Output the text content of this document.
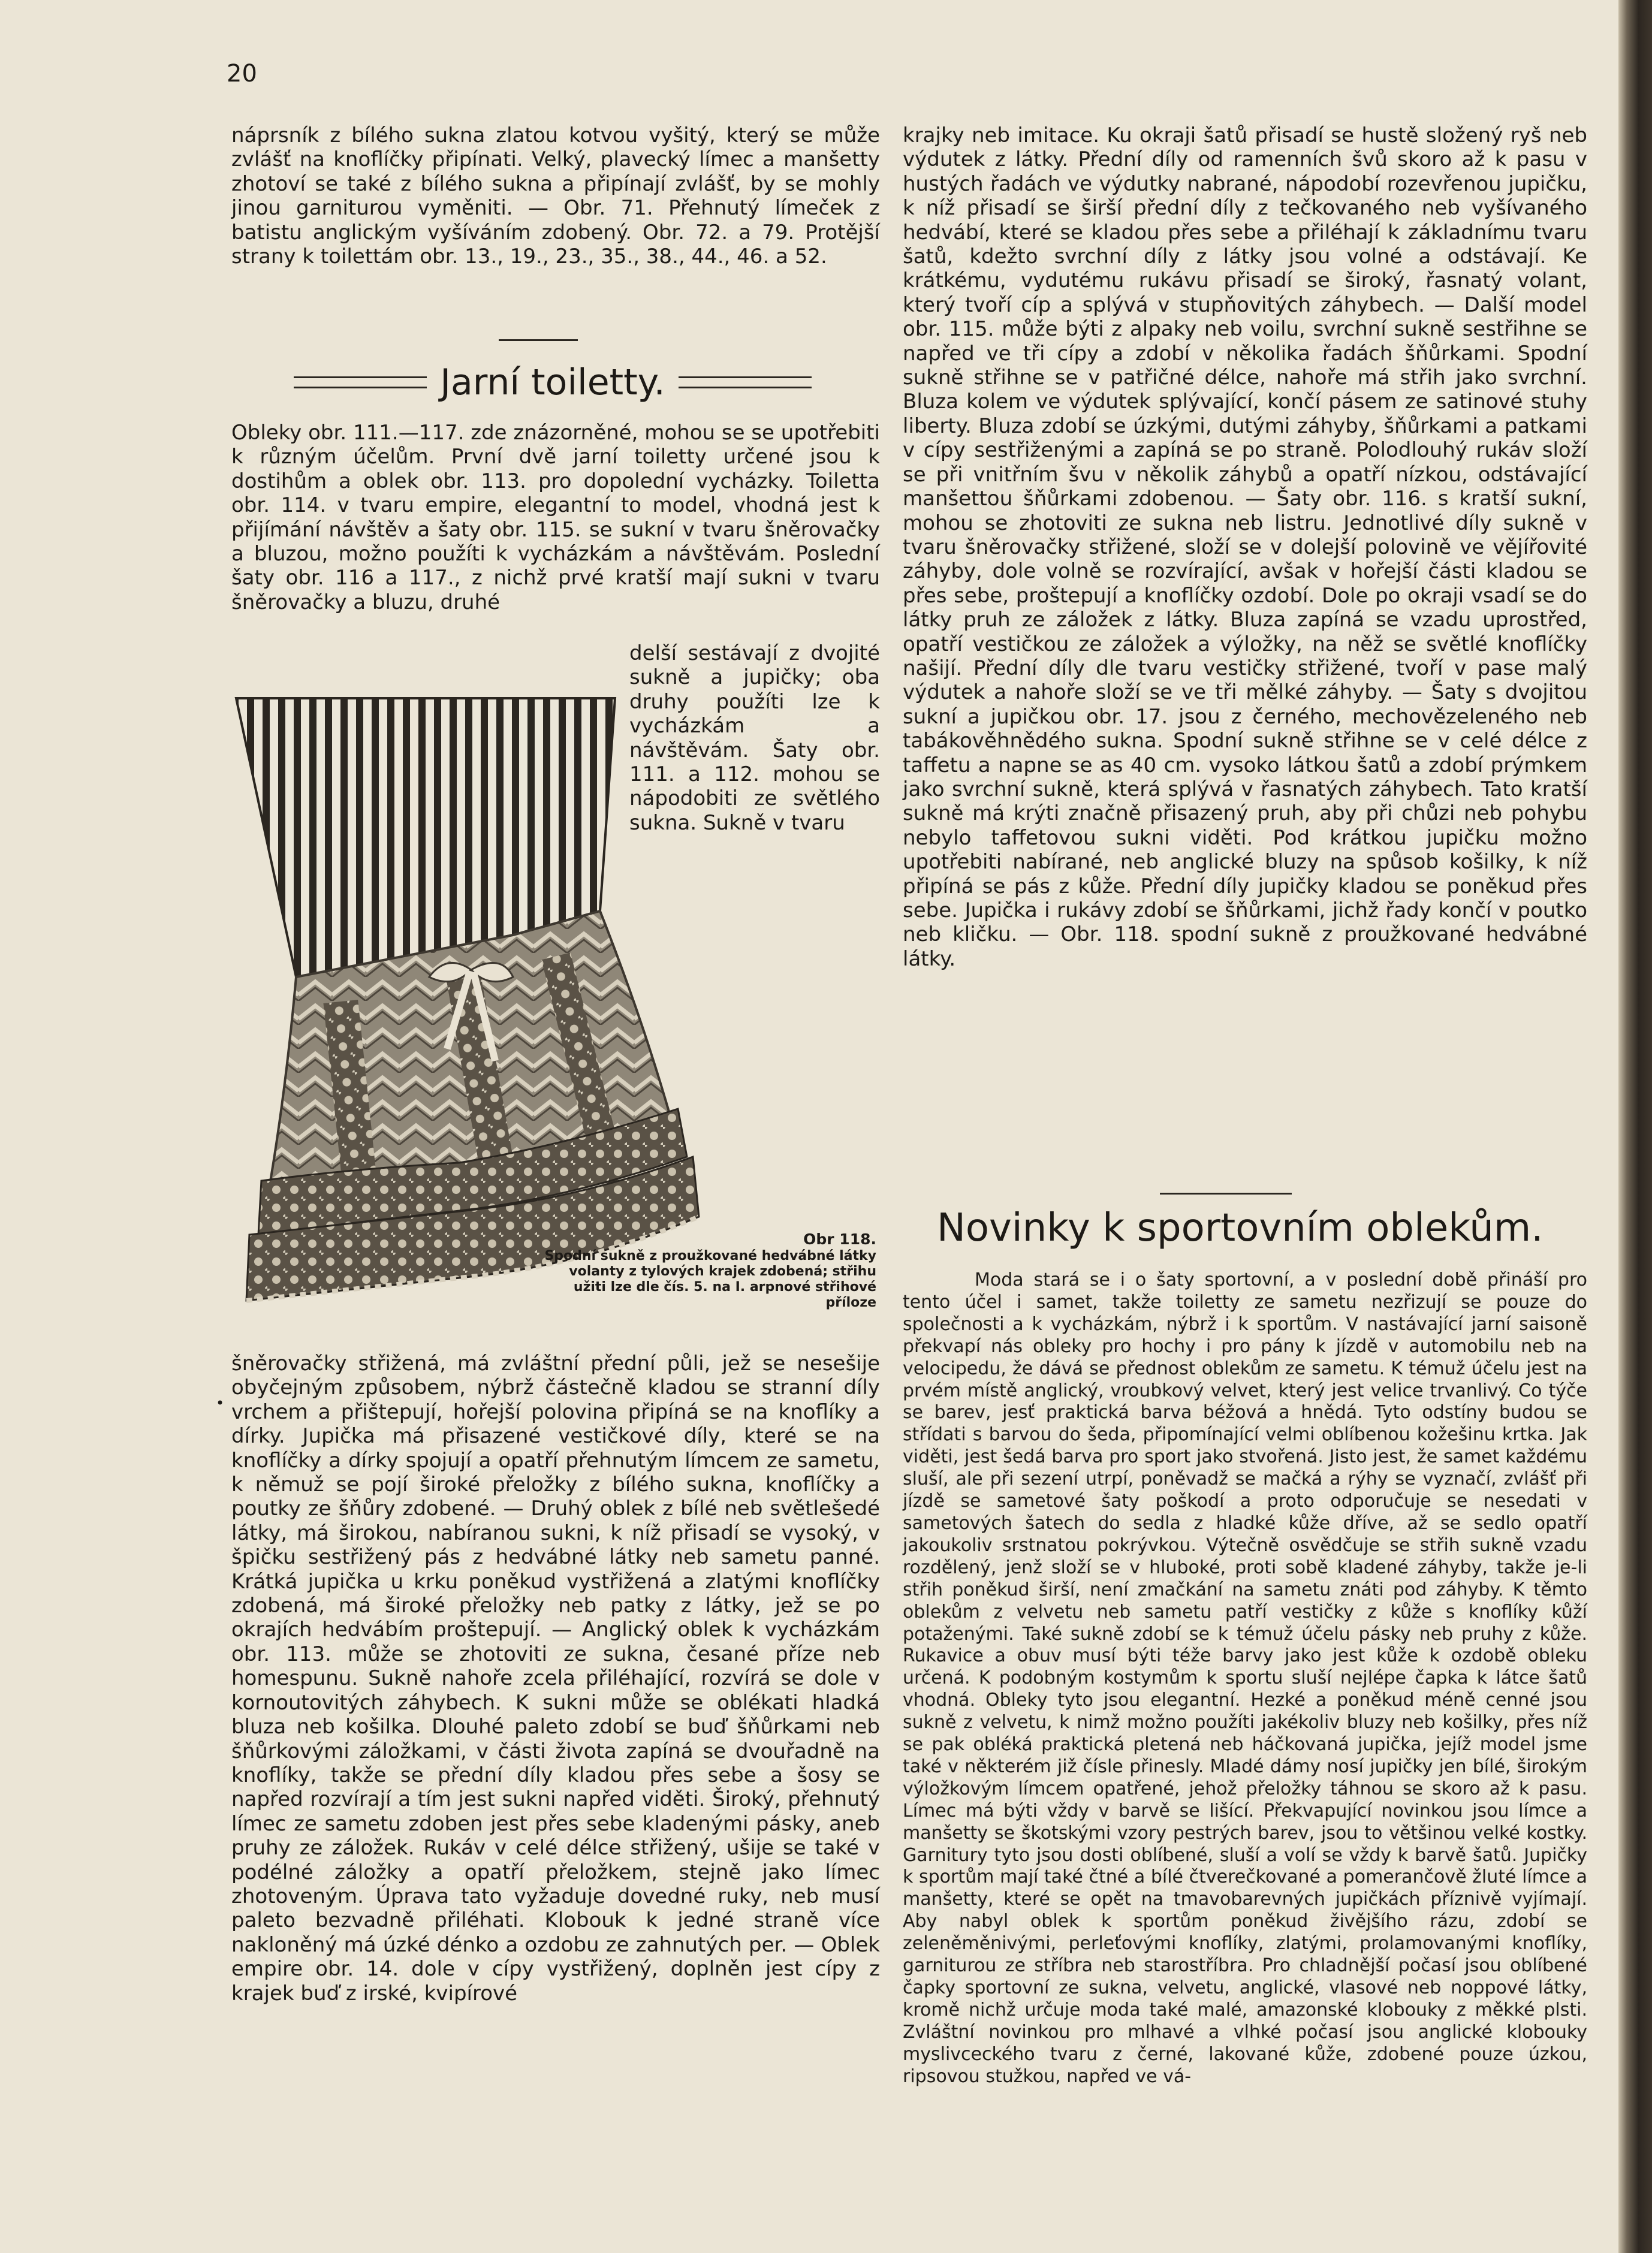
20

náprsník z bílého sukna zlatou kotvou vyšitý, který se může zvlášť na knoflíčky připínati. Velký, plavecký límec a manšetty zhotoví se také z bílého sukna a připínají zvlášť, by se mohly jinou garniturou vyměniti. — Obr. 71. Přehnutý límeček z batistu anglickým vyšíváním zdobený. Obr. 72. a 79. Protější strany k toilettám obr. 13., 19., 23., 35., 38., 44., 46. a 52.

Jarní toiletty.

Obleky obr. 111.—117. zde znázorněné, mohou se se upotřebiti k různým účelům. První dvě jarní toiletty určené jsou k dostihům a oblek obr. 113. pro dopolední vycházky. Toiletta obr. 114. v tvaru empire, elegantní to model, vhodná jest k přijímání návštěv a šaty obr. 115. se sukní v tvaru šněrovačky a bluzou, možno použíti k vycházkám a návštěvám. Poslední šaty obr. 116 a 117., z nichž prvé kratší mají sukni v tvaru šněrovačky a bluzu, druhé

delší sestávají z dvojité sukně a jupičky; oba druhy použíti lze k vycházkám a návštěvám. Šaty obr. 111. a 112. mohou se nápodobiti ze světlého sukna. Sukně v tvaru

Obr 118.
Spodní sukně z proužkované hedvábné látky volanty z tylových krajek zdobená; střihu užiti lze dle čís. 5. na I. arpnové střihové příloze

•

šněrovačky střižená, má zvláštní přední půli, jež se nesešije obyčejným způsobem, nýbrž částečně kladou se stranní díly vrchem a přištepují, hořejší polovina připíná se na knoflíky a dírky. Jupička má přisazené vestičkové díly, které se na knoflíčky a dírky spojují a opatří přehnutým límcem ze sametu, k němuž se pojí široké přeložky z bílého sukna, knoflíčky a poutky ze šňůry zdobené. — Druhý oblek z bílé neb světlešedé látky, má širokou, nabíranou sukni, k níž přisadí se vysoký, v špičku sestřižený pás z hedvábné látky neb sametu panné. Krátká jupička u krku poněkud vystřižená a zlatými knoflíčky zdobená, má široké přeložky neb patky z látky, jež se po okrajích hedvábím proštepují. — Anglický oblek k vycházkám obr. 113. může se zhotoviti ze sukna, česané příze neb homespunu. Sukně nahoře zcela přiléhající, rozvírá se dole v kornoutovitých záhybech. K sukni může se oblékati hladká bluza neb košilka. Dlouhé paleto zdobí se buď šňůrkami neb šňůrkovými záložkami, v části života zapíná se dvouřadně na knoflíky, takže se přední díly kladou přes sebe a šosy se napřed rozvírají a tím jest sukni napřed viděti. Široký, přehnutý límec ze sametu zdoben jest přes sebe kladenými pásky, aneb pruhy ze záložek. Rukáv v celé délce střižený, ušije se také v podélné záložky a opatří přeložkem, stejně jako límec zhotoveným. Úprava tato vyžaduje dovedné ruky, neb musí paleto bezvadně přiléhati. Klobouk k jedné straně více nakloněný má úzké dénko a ozdobu ze zahnutých per. — Oblek empire obr. 14. dole v cípy vystřižený, doplněn jest cípy z krajek buď z irské, kvipírové

krajky neb imitace. Ku okraji šatů přisadí se hustě složený ryš neb výdutek z látky. Přední díly od ramenních švů skoro až k pasu v hustých řadách ve výdutky nabrané, nápodobí rozevřenou jupičku, k níž přisadí se širší přední díly z tečkovaného neb vyšívaného hedvábí, které se kladou přes sebe a přiléhají k základnímu tvaru šatů, kdežto svrchní díly z látky jsou volné a odstávají. Ke krátkému, vydutému rukávu přisadí se široký, řasnatý volant, který tvoří cíp a splývá v stupňovitých záhybech. — Další model obr. 115. může býti z alpaky neb voilu, svrchní sukně sestřihne se napřed ve tři cípy a zdobí v několika řadách šňůrkami. Spodní sukně střihne se v patřičné délce, nahoře má střih jako svrchní. Bluza kolem ve výdutek splývající, končí pásem ze satinové stuhy liberty. Bluza zdobí se úzkými, dutými záhyby, šňůrkami a patkami v cípy sestřiženými a zapíná se po straně. Polodlouhý rukáv složí se při vnitřním švu v několik záhybů a opatří nízkou, odstávající manšettou šňůrkami zdobenou. — Šaty obr. 116. s kratší sukní, mohou se zhotoviti ze sukna neb listru. Jednotlivé díly sukně v tvaru šněrovačky střižené, složí se v dolejší polovině ve vějířovité záhyby, dole volně se rozvírající, avšak v hořejší části kladou se přes sebe, proštepují a knoflíčky ozdobí. Dole po okraji vsadí se do látky pruh ze záložek z látky. Bluza zapíná se vzadu uprostřed, opatří vestičkou ze záložek a výložky, na něž se světlé knoflíčky našijí. Přední díly dle tvaru vestičky střižené, tvoří v pase malý výdutek a nahoře složí se ve tři mělké záhyby. — Šaty s dvojitou sukní a jupičkou obr. 17. jsou z černého, mechovězeleného neb tabákověhnědého sukna. Spodní sukně střihne se v celé délce z taffetu a napne se as 40 cm. vysoko látkou šatů a zdobí prýmkem jako svrchní sukně, která splývá v řasnatých záhybech. Tato kratší sukně má krýti značně přisazený pruh, aby při chůzi neb pohybu nebylo taffetovou sukni viděti. Pod krátkou jupičku možno upotřebiti nabírané, neb anglické bluzy na spůsob košilky, k níž připíná se pás z kůže. Přední díly jupičky kladou se poněkud přes sebe. Jupička i rukávy zdobí se šňůrkami, jichž řady končí v poutko neb kličku. — Obr. 118. spodní sukně z proužkované hedvábné látky.

Novinky k sportovním oblekům.

Moda stará se i o šaty sportovní, a v poslední době přináší pro tento účel i samet, takže toiletty ze sametu nezřizují se pouze do společnosti a k vycházkám, nýbrž i k sportům. V nastávající jarní saisoně překvapí nás obleky pro hochy i pro pány k jízdě v automobilu neb na velocipedu, že dává se přednost oblekům ze sametu. K témuž účelu jest na prvém místě anglický, vroubkový velvet, který jest velice trvanlivý. Co týče se barev, jesť praktická barva béžová a hnědá. Tyto odstíny budou se střídati s barvou do šeda, připomínající velmi oblíbenou kožešinu krtka. Jak viděti, jest šedá barva pro sport jako stvořená. Jisto jest, že samet každému sluší, ale při sezení utrpí, poněvadž se mačká a rýhy se vyznačí, zvlášť při jízdě se sametové šaty poškodí a proto odporučuje se nesedati v sametových šatech do sedla z hladké kůže dříve, až se sedlo opatří jakoukoliv srstnatou pokrývkou. Výtečně osvědčuje se střih sukně vzadu rozdělený, jenž složí se v hluboké, proti sobě kladené záhyby, takže je-li střih poněkud širší, není zmačkání na sametu znáti pod záhyby. K těmto oblekům z velvetu neb sametu patří vestičky z kůže s knoflíky kůží potaženými. Také sukně zdobí se k témuž účelu pásky neb pruhy z kůže. Rukavice a obuv musí býti téže barvy jako jest kůže k ozdobě obleku určená. K podobným kostymům k sportu sluší nejlépe čapka k látce šatů vhodná. Obleky tyto jsou elegantní. Hezké a poněkud méně cenné jsou sukně z velvetu, k nimž možno použíti jakékoliv bluzy neb košilky, přes níž se pak obléká praktická pletená neb háčkovaná jupička, jejíž model jsme také v některém již čísle přinesly. Mladé dámy nosí jupičky jen bílé, širokým výložkovým límcem opatřené, jehož přeložky táhnou se skoro až k pasu. Límec má býti vždy v barvě se lišící. Překvapující novinkou jsou límce a manšetty se škotskými vzory pestrých barev, jsou to většinou velké kostky. Garnitury tyto jsou dosti oblíbené, sluší a volí se vždy k barvě šatů. Jupičky k sportům mají také čtné a bílé čtverečkované a pomerančově žluté límce a manšetty, které se opět na tmavobarevných jupičkách příznivě vyjímají. Aby nabyl oblek k sportům poněkud živějšího rázu, zdobí se zeleněměnivými, perleťovými knoflíky, zlatými, prolamovanými knoflíky, garniturou ze stříbra neb starostříbra. Pro chladnější počasí jsou oblíbené čapky sportovní ze sukna, velvetu, anglické, vlasové neb noppové látky, kromě nichž určuje moda také malé, amazonské klobouky z měkké plsti. Zvláštní novinkou pro mlhavé a vlhké počasí jsou anglické klobouky myslivceckého tvaru z černé, lakované kůže, zdobené pouze úzkou, ripsovou stužkou, napřed ve vá-
